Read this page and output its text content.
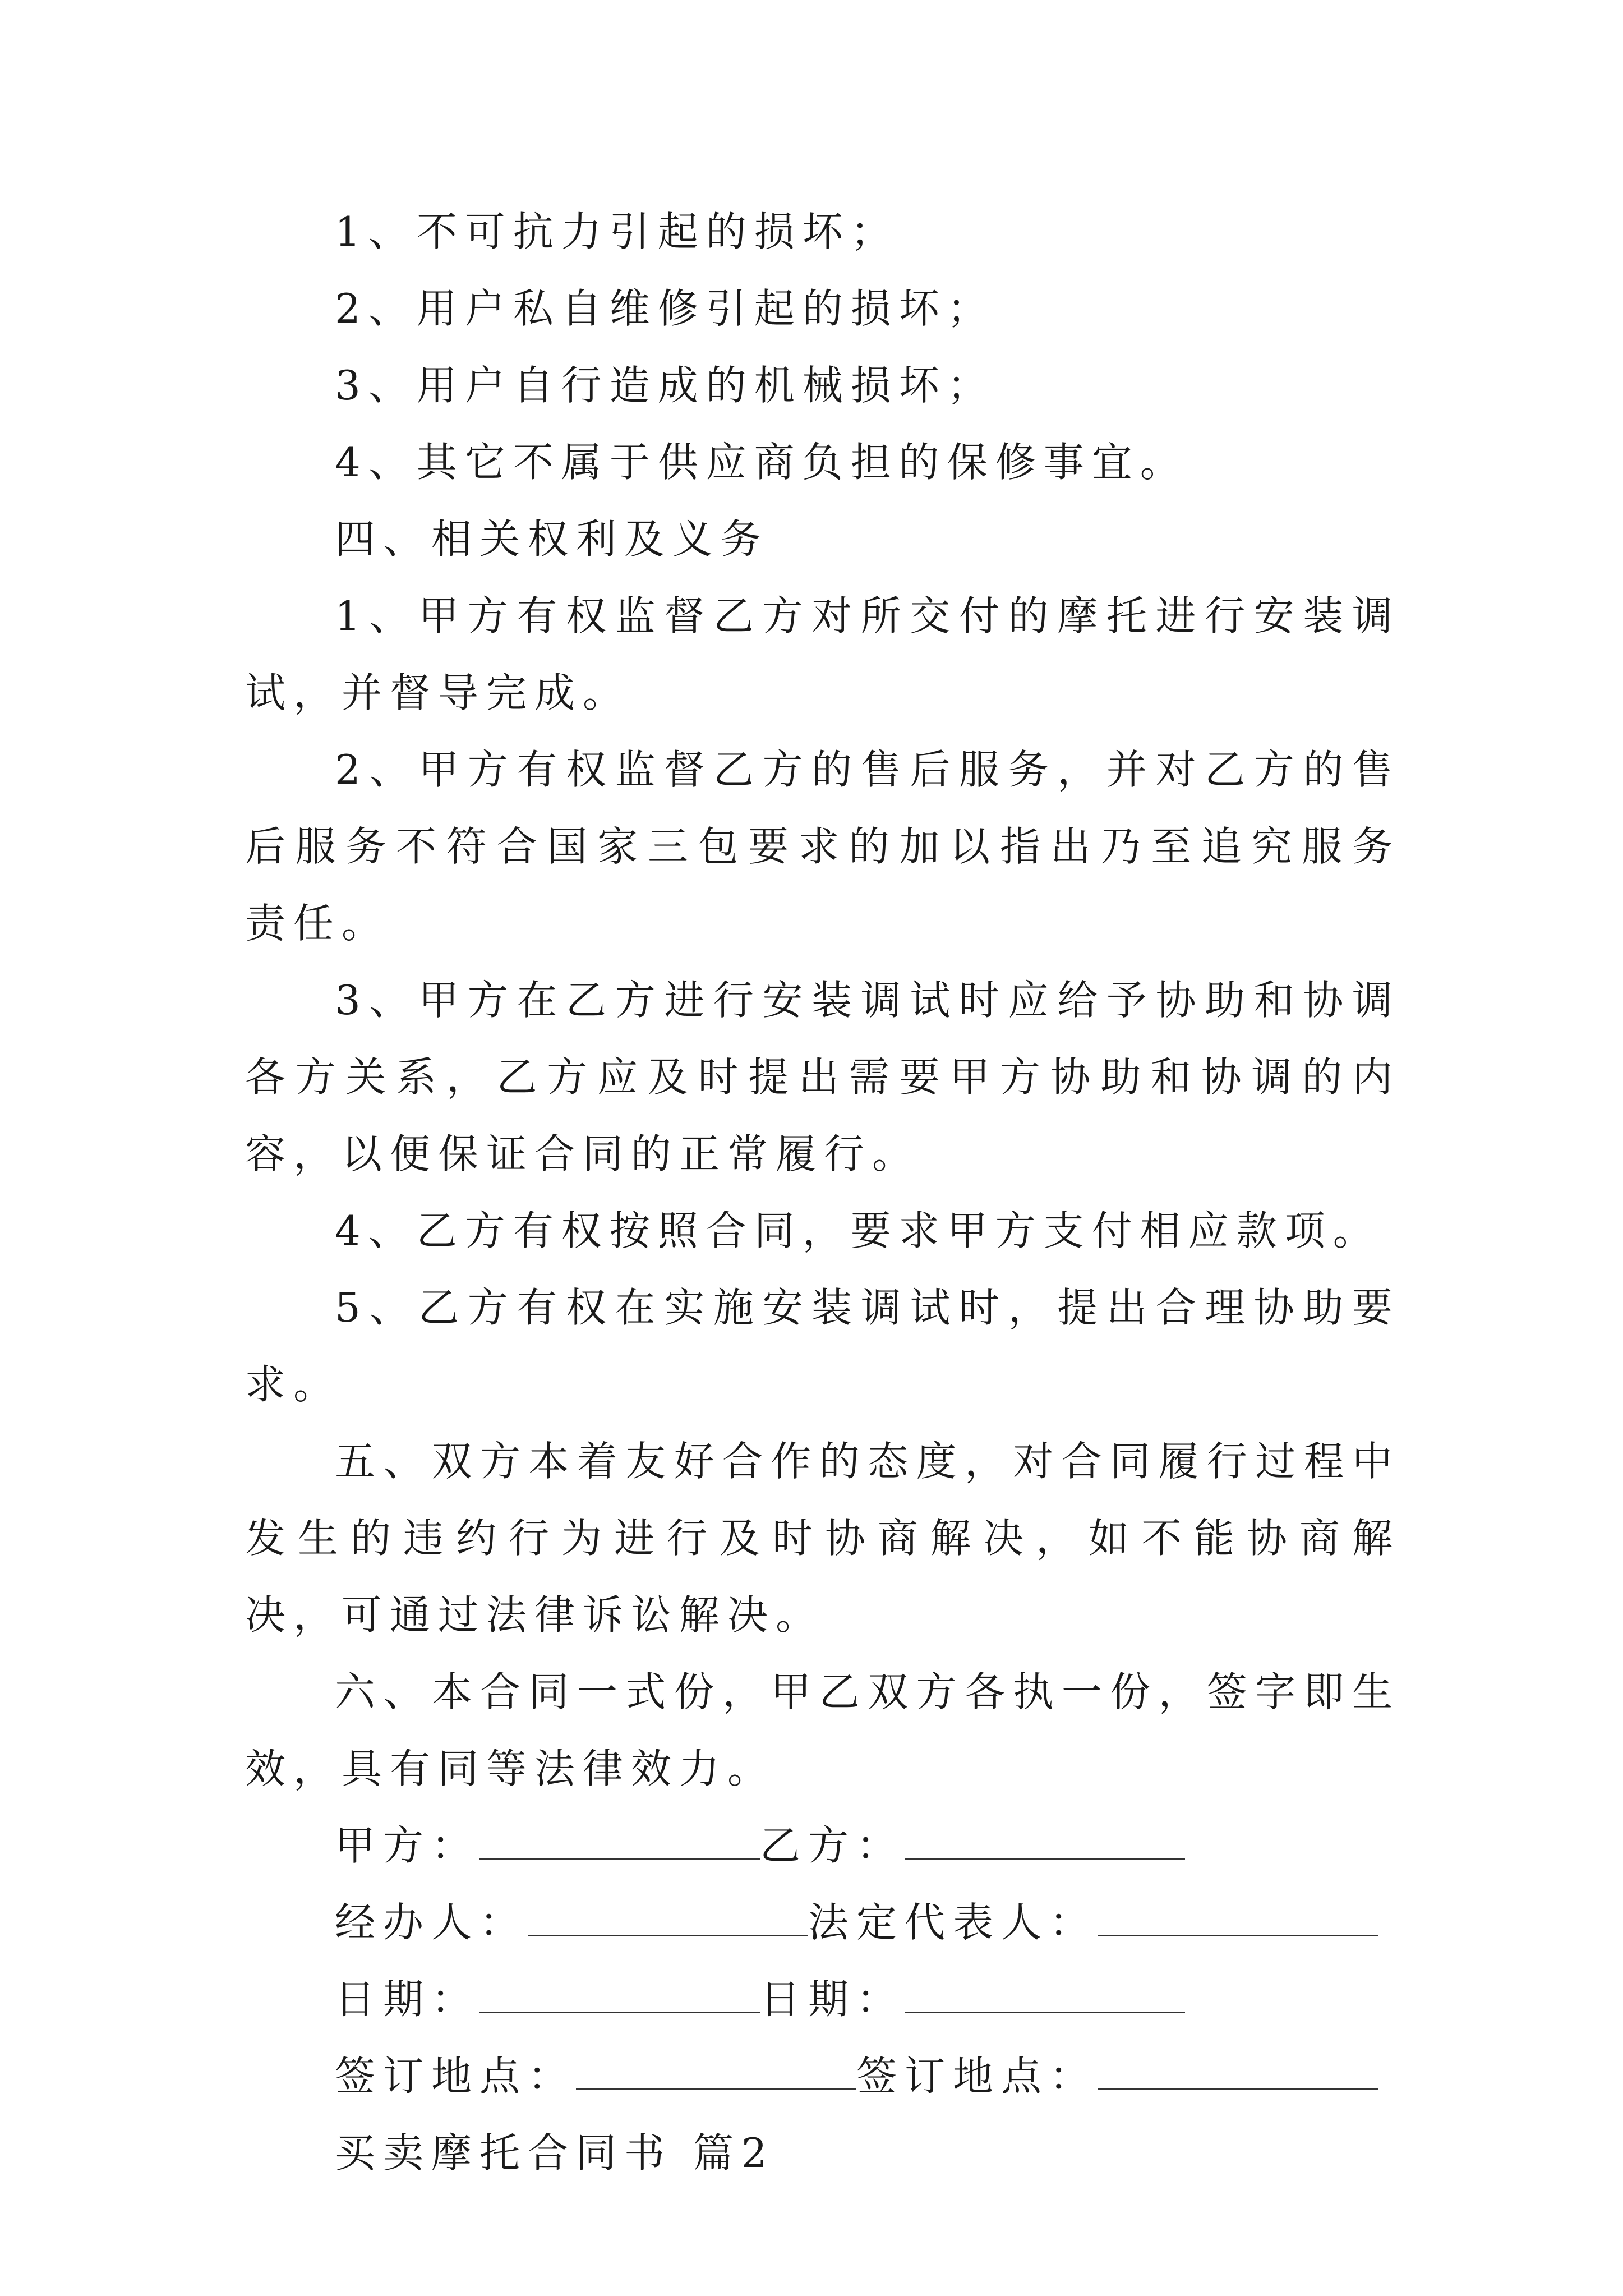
1、不可抗力引起的损坏；

2、用户私自维修引起的损坏；

3、用户自行造成的机械损坏；

4、其它不属于供应商负担的保修事宜。

四、相关权利及义务

1、甲方有权监督乙方对所交付的摩托进行安装调试，并督导完成。

2、甲方有权监督乙方的售后服务，并对乙方的售后服务不符合国家三包要求的加以指出乃至追究服务责任。

3、甲方在乙方进行安装调试时应给予协助和协调各方关系，乙方应及时提出需要甲方协助和协调的内容，以便保证合同的正常履行。

4、乙方有权按照合同，要求甲方支付相应款项。

5、乙方有权在实施安装调试时，提出合理协助要求。

五、双方本着友好合作的态度，对合同履行过程中发生的违约行为进行及时协商解决，如不能协商解决，可通过法律诉讼解决。

六、本合同一式份，甲乙双方各执一份，签字即生效，具有同等法律效力。

甲方：	乙方：

经办人：	法定代表人：

日期：	日期：

签订地点：	签订地点：

买卖摩托合同书 篇2
